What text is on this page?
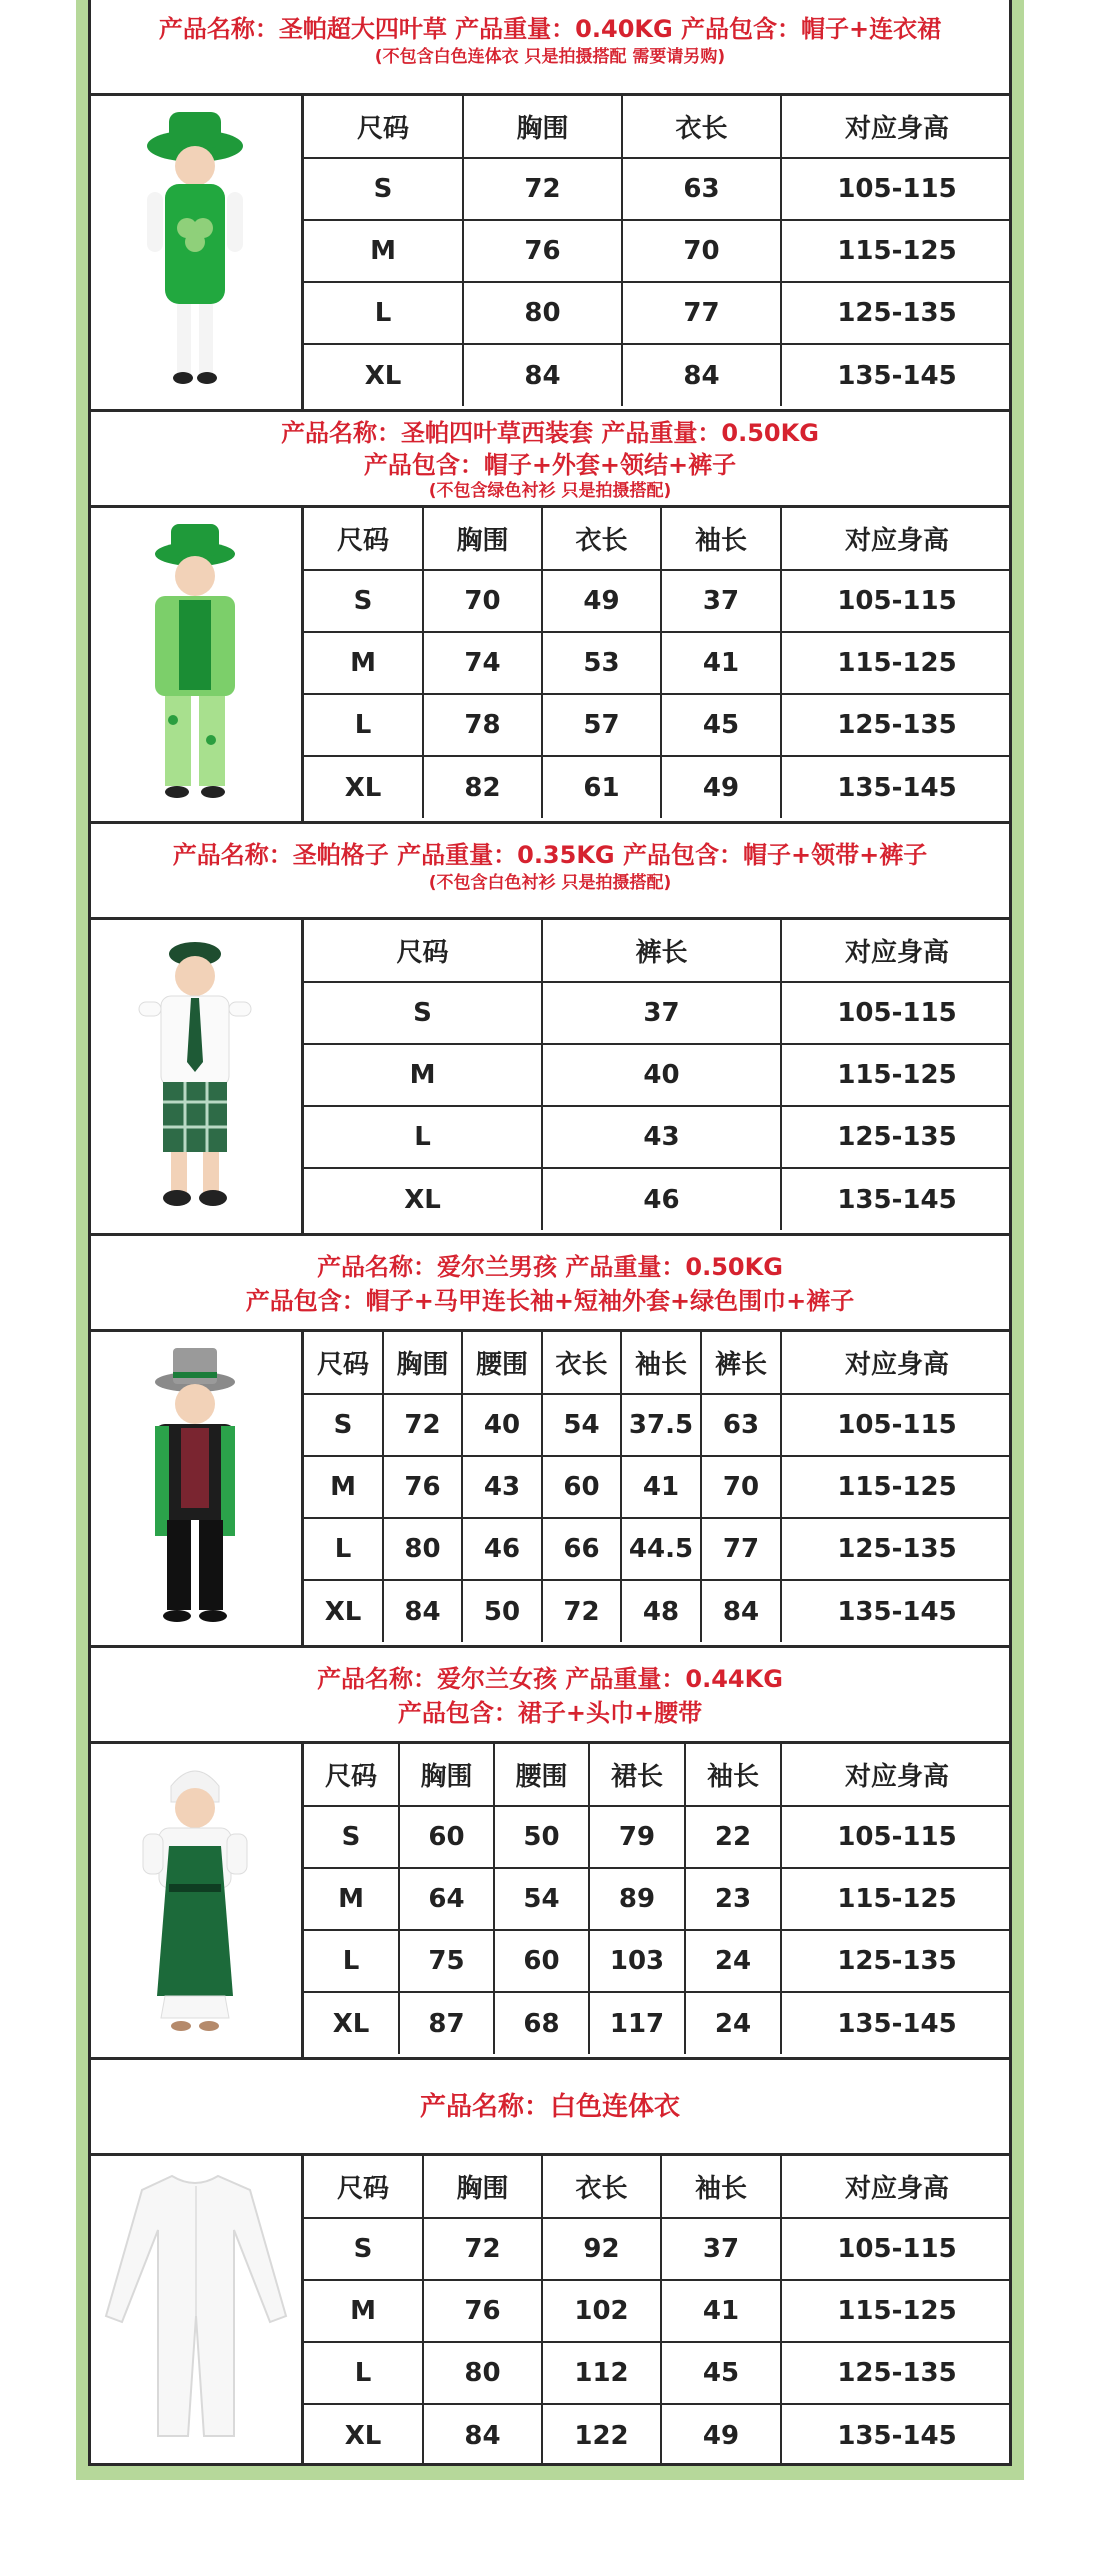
产品名称：圣帕超大四叶草 产品重量：0.40KG 产品包含：帽子+连衣裙
(不包含白色连体衣 只是拍摄搭配 需要请另购)
尺码	胸围	衣长	对应身高
S	72	63	105-115
M	76	70	115-125
L	80	77	125-135
XL	84	84	135-145
产品名称：圣帕四叶草西装套 产品重量：0.50KG
产品包含：帽子+外套+领结+裤子
(不包含绿色衬衫 只是拍摄搭配)
尺码	胸围	衣长	袖长	对应身高
S	70	49	37	105-115
M	74	53	41	115-125
L	78	57	45	125-135
XL	82	61	49	135-145
产品名称：圣帕格子 产品重量：0.35KG 产品包含：帽子+领带+裤子
(不包含白色衬衫 只是拍摄搭配)
尺码	裤长	对应身高
S	37	105-115
M	40	115-125
L	43	125-135
XL	46	135-145
产品名称：爱尔兰男孩 产品重量：0.50KG
产品包含：帽子+马甲连长袖+短袖外套+绿色围巾+裤子
尺码	胸围	腰围	衣长	袖长	裤长	对应身高
S	72	40	54	37.5	63	105-115
M	76	43	60	41	70	115-125
L	80	46	66	44.5	77	125-135
XL	84	50	72	48	84	135-145
产品名称：爱尔兰女孩 产品重量：0.44KG
产品包含：裙子+头巾+腰带
尺码	胸围	腰围	裙长	袖长	对应身高
S	60	50	79	22	105-115
M	64	54	89	23	115-125
L	75	60	103	24	125-135
XL	87	68	117	24	135-145
产品名称：白色连体衣
尺码	胸围	衣长	袖长	对应身高
S	72	92	37	105-115
M	76	102	41	115-125
L	80	112	45	125-135
XL	84	122	49	135-145
